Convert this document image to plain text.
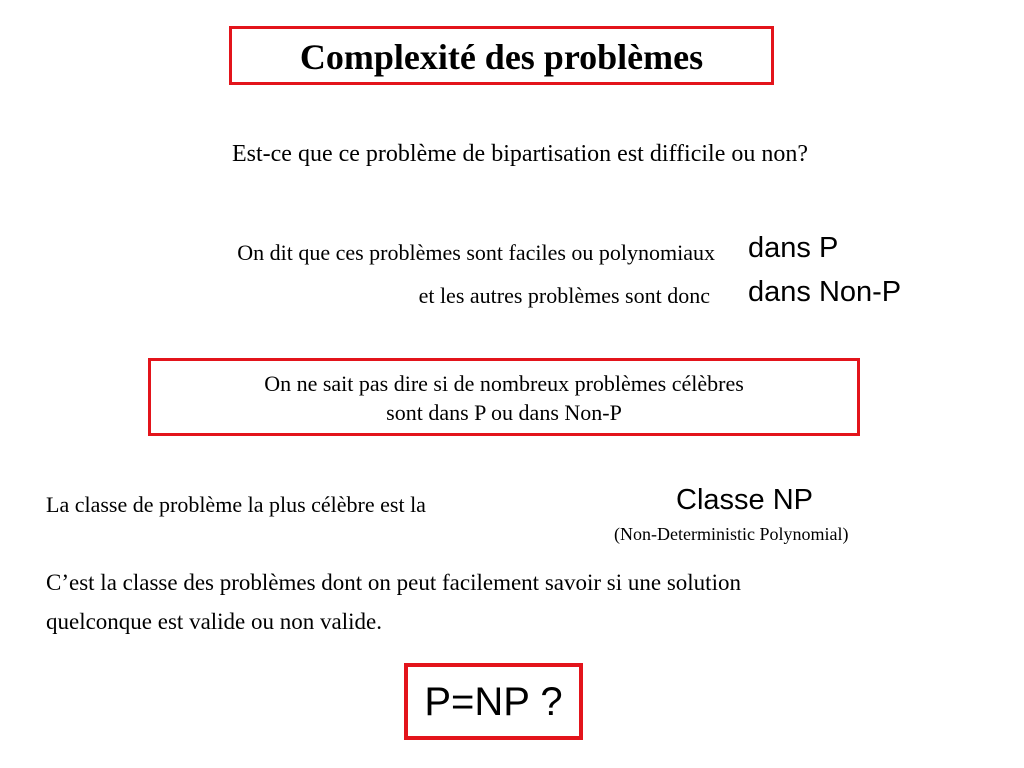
Complexité des problèmes
Est-ce que ce problème de bipartisation est difficile ou non?
On dit que ces problèmes sont faciles ou polynomiaux dans P
et les autres problèmes sont donc dans Non-P
On ne sait pas dire si de nombreux problèmes célèbres
sont dans P ou dans Non-P
La classe de problème la plus célèbre est la	Classe NP
(Non-Deterministic Polynomial)
C’est la classe des problèmes dont on peut facilement savoir si une solution
quelconque est valide ou non valide.
P=NP ?
